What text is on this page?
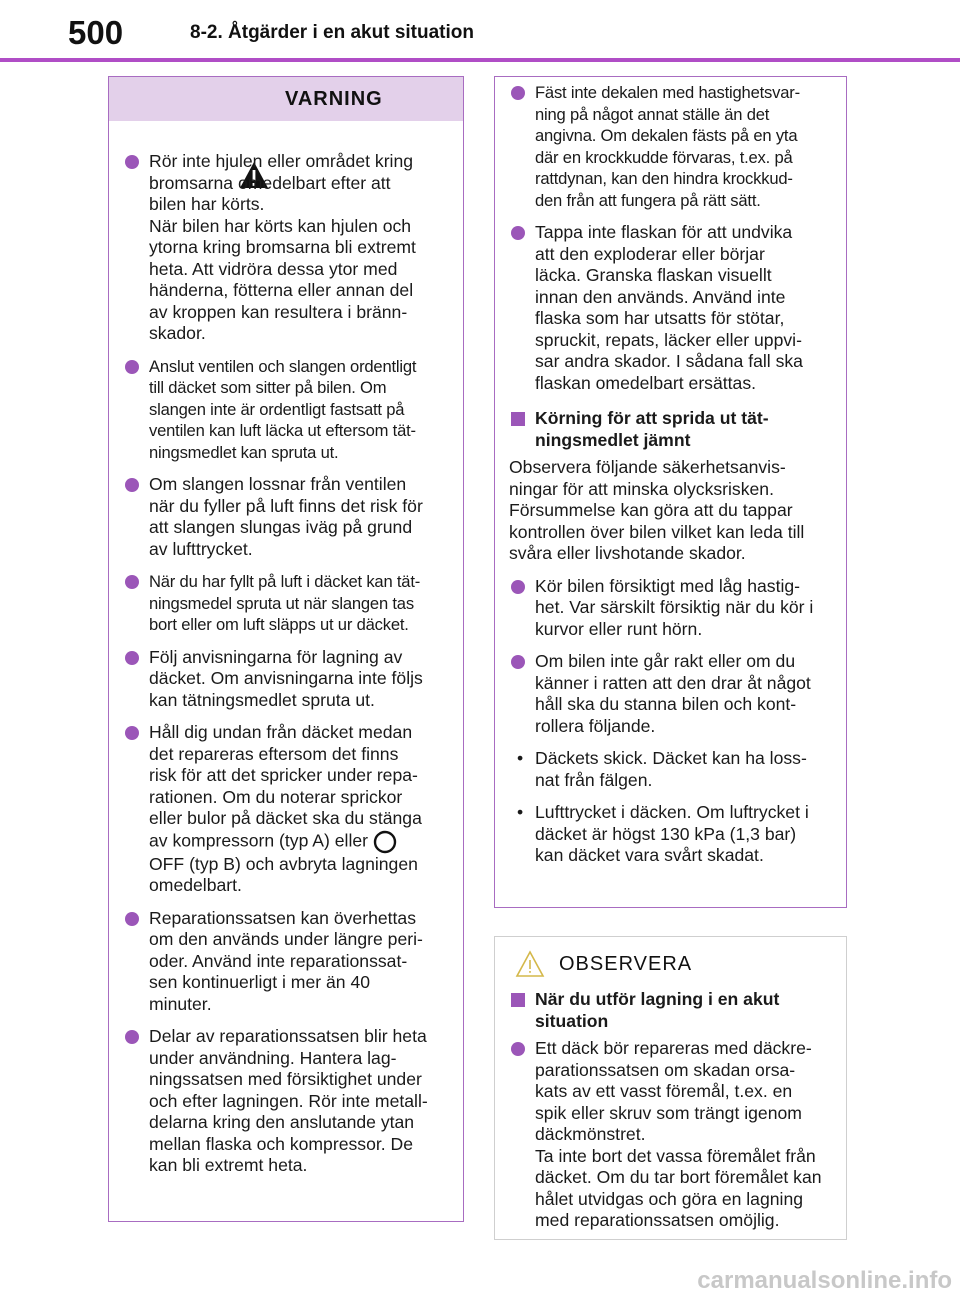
500	8-2. Åtgärder i en akut situation
VARNING
Rör inte hjulen eller området kring
bromsarna omedelbart efter att
bilen har körts.
När bilen har körts kan hjulen och
ytorna kring bromsarna bli extremt
heta. Att vidröra dessa ytor med
händerna, fötterna eller annan del
av kroppen kan resultera i bränn-
skador.
Anslut ventilen och slangen ordentligt
till däcket som sitter på bilen. Om
slangen inte är ordentligt fastsatt på
ventilen kan luft läcka ut eftersom tät-
ningsmedlet kan spruta ut.
Om slangen lossnar från ventilen
när du fyller på luft finns det risk för
att slangen slungas iväg på grund
av lufttrycket.
När du har fyllt på luft i däcket kan tät-
ningsmedel spruta ut när slangen tas
bort eller om luft släpps ut ur däcket.
Följ anvisningarna för lagning av
däcket. Om anvisningarna inte följs
kan tätningsmedlet spruta ut.
Håll dig undan från däcket medan
det repareras eftersom det finns
risk för att det spricker under repa-
rationen. Om du noterar sprickor
eller bulor på däcket ska du stänga
av kompressorn (typ A) eller
OFF (typ B) och avbryta lagningen
omedelbart.
Reparationssatsen kan överhettas
om den används under längre peri-
oder. Använd inte reparationssat-
sen kontinuerligt i mer än 40
minuter.
Delar av reparationssatsen blir heta
under användning. Hantera lag-
ningssatsen med försiktighet under
och efter lagningen. Rör inte metall-
delarna kring den anslutande ytan
mellan flaska och kompressor. De
kan bli extremt heta.
Fäst inte dekalen med hastighetsvar-
ning på något annat ställe än det
angivna. Om dekalen fästs på en yta
där en krockkudde förvaras, t.ex. på
rattdynan, kan den hindra krockkud-
den från att fungera på rätt sätt.
Tappa inte flaskan för att undvika
att den exploderar eller börjar
läcka. Granska flaskan visuellt
innan den används. Använd inte
flaska som har utsatts för stötar,
spruckit, repats, läcker eller uppvi-
sar andra skador. I sådana fall ska
flaskan omedelbart ersättas.
Körning för att sprida ut tät-
ningsmedlet jämnt
Observera följande säkerhetsanvis-
ningar för att minska olycksrisken.
Försummelse kan göra att du tappar
kontrollen över bilen vilket kan leda till
svåra eller livshotande skador.
Kör bilen försiktigt med låg hastig-
het. Var särskilt försiktig när du kör i
kurvor eller runt hörn.
Om bilen inte går rakt eller om du
känner i ratten att den drar åt något
håll ska du stanna bilen och kont-
rollera följande.
• Däckets skick. Däcket kan ha loss-
nat från fälgen.
• Lufttrycket i däcken. Om luftrycket i
däcket är högst 130 kPa (1,3 bar)
kan däcket vara svårt skadat.
OBSERVERA
När du utför lagning i en akut
situation
Ett däck bör repareras med däckre-
parationssatsen om skadan orsa-
kats av ett vasst föremål, t.ex. en
spik eller skruv som trängt igenom
däckmönstret.
Ta inte bort det vassa föremålet från
däcket. Om du tar bort föremålet kan
hålet utvidgas och göra en lagning
med reparationssatsen omöjlig.
carmanualsonline.info
